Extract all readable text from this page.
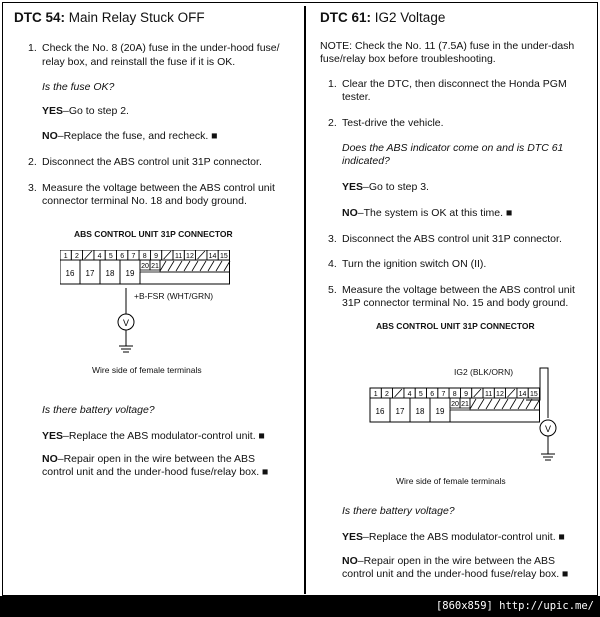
DTC 54: Main Relay Stuck OFF
1. Check the No. 8 (20A) fuse in the under-hood fuse/
relay box, and reinstall the fuse if it is OK.
Is the fuse OK?
YES–Go to step 2.
NO–Replace the fuse, and recheck. ■
2. Disconnect the ABS control unit 31P connector.
3. Measure the voltage between the ABS control unit
connector terminal No. 18 and body ground.
ABS CONTROL UNIT 31P CONNECTOR
1 2	4 5 6 7 8 9 11 12 14 15
16 17 18 19
20 21
V
+B-FSR (WHT/GRN)
Wire side of female terminals
Is there battery voltage?
YES–Replace the ABS modulator-control unit. ■
NO–Repair open in the wire between the ABS
control unit and the under-hood fuse/relay box. ■
DTC 61: IG2 Voltage
NOTE: Check the No. 11 (7.5A) fuse in the under-dash
fuse/relay box before troubleshooting.
1. Clear the DTC, then disconnect the Honda PGM
tester.
2. Test-drive the vehicle.
Does the ABS indicator come on and is DTC 61
indicated?
YES–Go to step 3.
NO–The system is OK at this time. ■
3. Disconnect the ABS control unit 31P connector.
4. Turn the ignition switch ON (II).
5. Measure the voltage between the ABS control unit
31P connector terminal No. 15 and body ground.
ABS CONTROL UNIT 31P CONNECTOR
IG2 (BLK/ORN)
1 2	4 5 6 7 8 9 11 12 14 15
16 17 18 19
20 21
V
Wire side of female terminals
Is there battery voltage?
YES–Replace the ABS modulator-control unit. ■
NO–Repair open in the wire between the ABS
control unit and the under-hood fuse/relay box. ■
[860x859] http://upic.me/
